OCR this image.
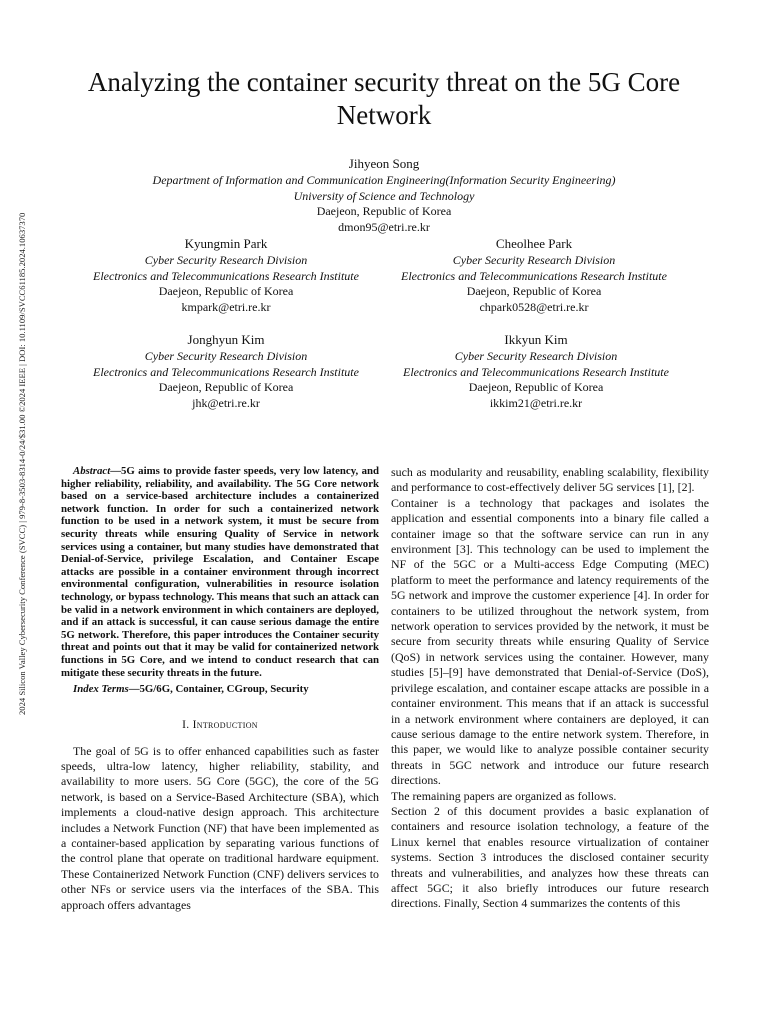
2024 Silicon Valley Cybersecurity Conference (SVCC) | 979-8-3503-8314-0/24/$31.00 ©2024 IEEE | DOI: 10.1109/SVCC61185.2024.10637370
Analyzing the container security threat on the 5G Core Network
Jihyeon Song
Department of Information and Communication Engineering(Information Security Engineering)
University of Science and Technology
Daejeon, Republic of Korea
dmon95@etri.re.kr
Kyungmin Park
Cyber Security Research Division
Electronics and Telecommunications Research Institute
Daejeon, Republic of Korea
kmpark@etri.re.kr
Cheolhee Park
Cyber Security Research Division
Electronics and Telecommunications Research Institute
Daejeon, Republic of Korea
chpark0528@etri.re.kr
Jonghyun Kim
Cyber Security Research Division
Electronics and Telecommunications Research Institute
Daejeon, Republic of Korea
jhk@etri.re.kr
Ikkyun Kim
Cyber Security Research Division
Electronics and Telecommunications Research Institute
Daejeon, Republic of Korea
ikkim21@etri.re.kr

Abstract—5G aims to provide faster speeds, very low latency, and higher reliability, reliability, and availability. The 5G Core network based on a service-based architecture includes a containerized network function. In order for such a containerized network function to be used in a network system, it must be secure from security threats while ensuring Quality of Service in network services using a container, but many studies have demonstrated that Denial-of-Service, privilege Escalation, and Container Escape attacks are possible in a container environment through incorrect environmental configuration, vulnerabilities in resource isolation technology, or bypass technology. This means that such an attack can be valid in a network environment in which containers are deployed, and if an attack is successful, it can cause serious damage the entire 5G network. Therefore, this paper introduces the Container security threat and points out that it may be valid for containerized network functions in 5G Core, and we intend to conduct research that can mitigate these security threats in the future.

Index Terms—5G/6G, Container, CGroup, Security

I. Introduction

The goal of 5G is to offer enhanced capabilities such as faster speeds, ultra-low latency, higher reliability, stability, and availability to more users. 5G Core (5GC), the core of the 5G network, is based on a Service-Based Architecture (SBA), which implements a cloud-native design approach. This architecture includes a Network Function (NF) that have been implemented as a container-based application by separating various functions of the control plane that operate on traditional hardware equipment. These Containerized Network Function (CNF) delivers services to other NFs or service users via the interfaces of the SBA. This approach offers advantages

such as modularity and reusability, enabling scalability, flexibility and performance to cost-effectively deliver 5G services [1], [2].

Container is a technology that packages and isolates the application and essential components into a binary file called a container image so that the software service can run in any environment [3]. This technology can be used to implement the NF of the 5GC or a Multi-access Edge Computing (MEC) platform to meet the performance and latency requirements of the 5G network and improve the customer experience [4]. In order for containers to be utilized throughout the network system, from network operation to services provided by the network, it must be secure from security threats while ensuring Quality of Service (QoS) in network services using the container. However, many studies [5]–[9] have demonstrated that Denial-of-Service (DoS), privilege escalation, and container escape attacks are possible in a container environment. This means that if an attack is successful in a network environment where containers are deployed, it can cause serious damage to the entire network system. Therefore, in this paper, we would like to analyze possible container security threats in 5GC network and introduce our future research directions.

The remaining papers are organized as follows.

Section 2 of this document provides a basic explanation of containers and resource isolation technology, a feature of the Linux kernel that enables resource virtualization of container systems. Section 3 introduces the disclosed container security threats and vulnerabilities, and analyzes how these threats can affect 5GC; it also briefly introduces our future research directions. Finally, Section 4 summarizes the contents of this
